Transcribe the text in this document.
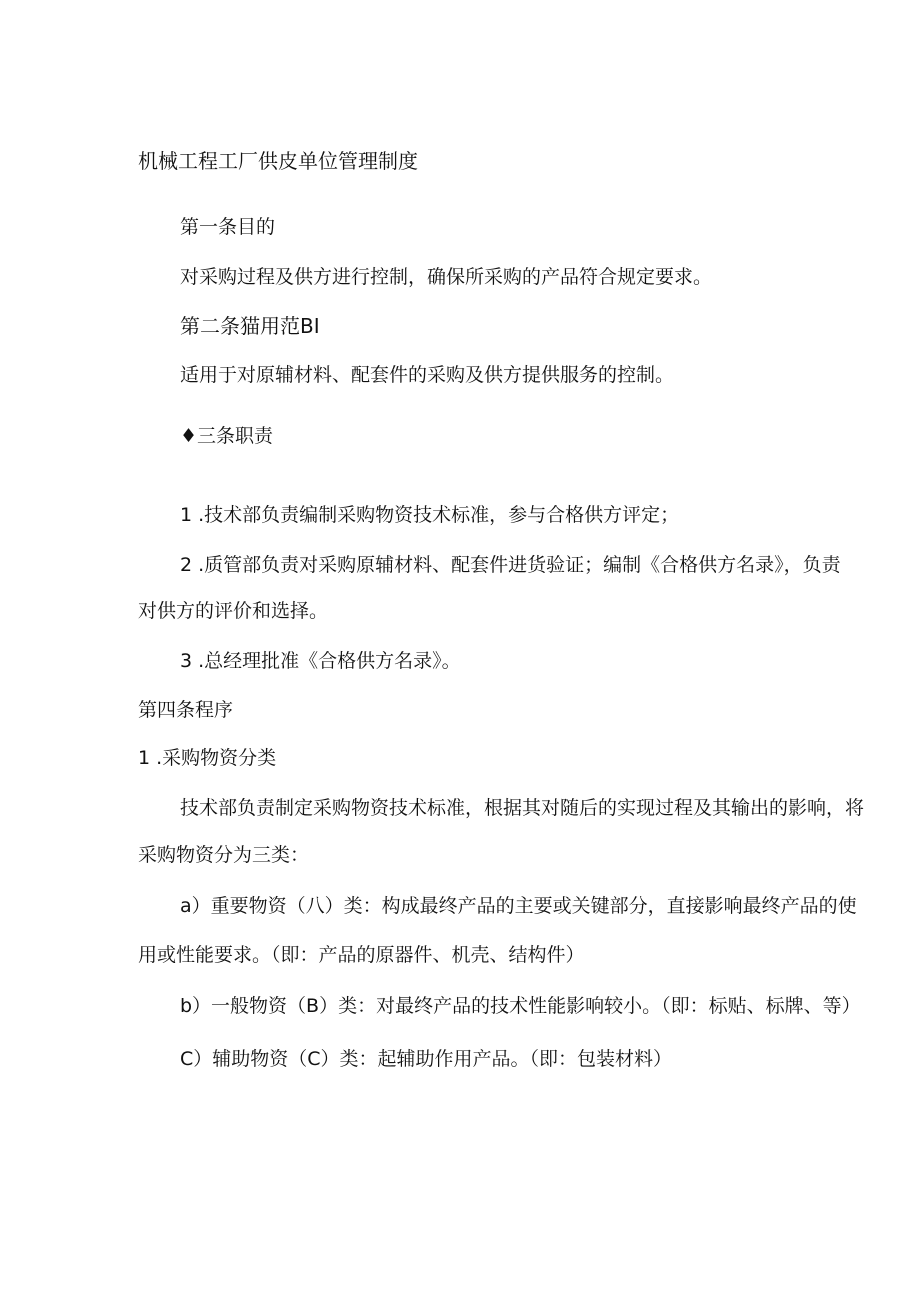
机械工程工厂供皮单位管理制度
第一条目的
对采购过程及供方进行控制，确保所采购的产品符合规定要求。
第二条猫用范BI
适用于对原辅材料、配套件的采购及供方提供服务的控制。
♦三条职责
1 .技术部负责编制采购物资技术标准，参与合格供方评定；
2 .质管部负责对采购原辅材料、配套件进货验证；编制《合格供方名录》，负责
对供方的评价和选择。
3 .总经理批准《合格供方名录》。
第四条程序
1 .采购物资分类
技术部负责制定采购物资技术标准，根据其对随后的实现过程及其输出的影响，将
采购物资分为三类：
a）重要物资（八）类：构成最终产品的主要或关键部分，直接影响最终产品的使
用或性能要求。（即：产品的原器件、机壳、结构件）
b）一般物资（B）类：对最终产品的技术性能影响较小。（即：标贴、标牌、等）
C）辅助物资（C）类：起辅助作用产品。（即：包装材料）
